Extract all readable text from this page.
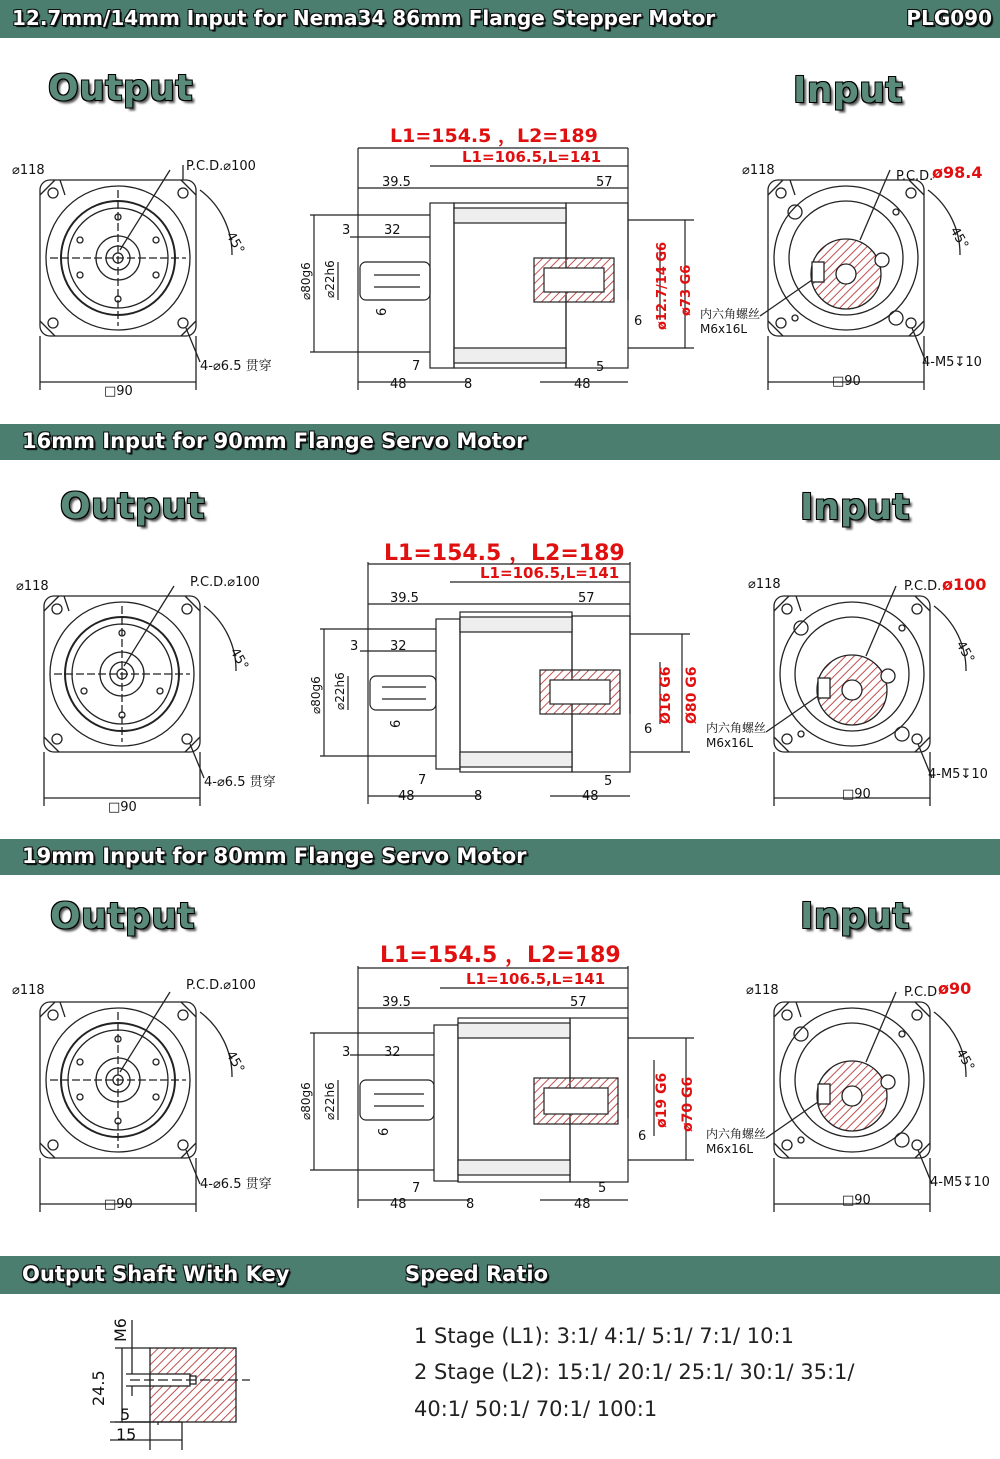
12.7mm/14mm Input for Nema34 86mm Flange Stepper Motor	PLG090
16mm Input for 90mm Flange Servo Motor
19mm Input for 80mm Flange Servo Motor
Output Shaft With Key	Speed Ratio
Output	Input
Output	Input
Output	Input
⌀118	P.C.D.⌀100
45°
4-⌀6.5 贯穿
□90
L1=154.5 ，L2=189
L1=106.5,L=141
39.5	57
3	32
6
7
48	8	48
5
6
⌀22h6
⌀80g6	ø12.7/14 G6 ø73 G6
⌀118	P.C.D.
ø98.4
45°
内六角螺丝
M6x16L
4-M5↧10
□90
⌀118	P.C.D.⌀100
45°
4-⌀6.5 贯穿
□90
L1=154.5 ，L2=189
L1=106.5,L=141
39.5	57
3 32
6
7
48	8	48
5
6
⌀22h6
⌀80g6	Ø16 G6 Ø80 G6
⌀118	P.C.D. ø100
45°
内六角螺丝
M6x16L
4-M5↧10
□90
⌀118	P.C.D.⌀100
45°
4-⌀6.5 贯穿
□90
L1=154.5 ，L2=189
L1=106.5,L=141
39.5	57
3	32
6
7
48	8	48
5
6
⌀22h6
⌀80g6	ø19 G6 ø70 G6
⌀118	P.C.D ø90
45°
内六角螺丝
M6x16L
4-M5↧10
□90
M6
24.5
5
15
1 Stage (L1): 3:1/ 4:1/ 5:1/ 7:1/ 10:1
2 Stage (L2): 15:1/ 20:1/ 25:1/ 30:1/ 35:1/
40:1/ 50:1/ 70:1/ 100:1
